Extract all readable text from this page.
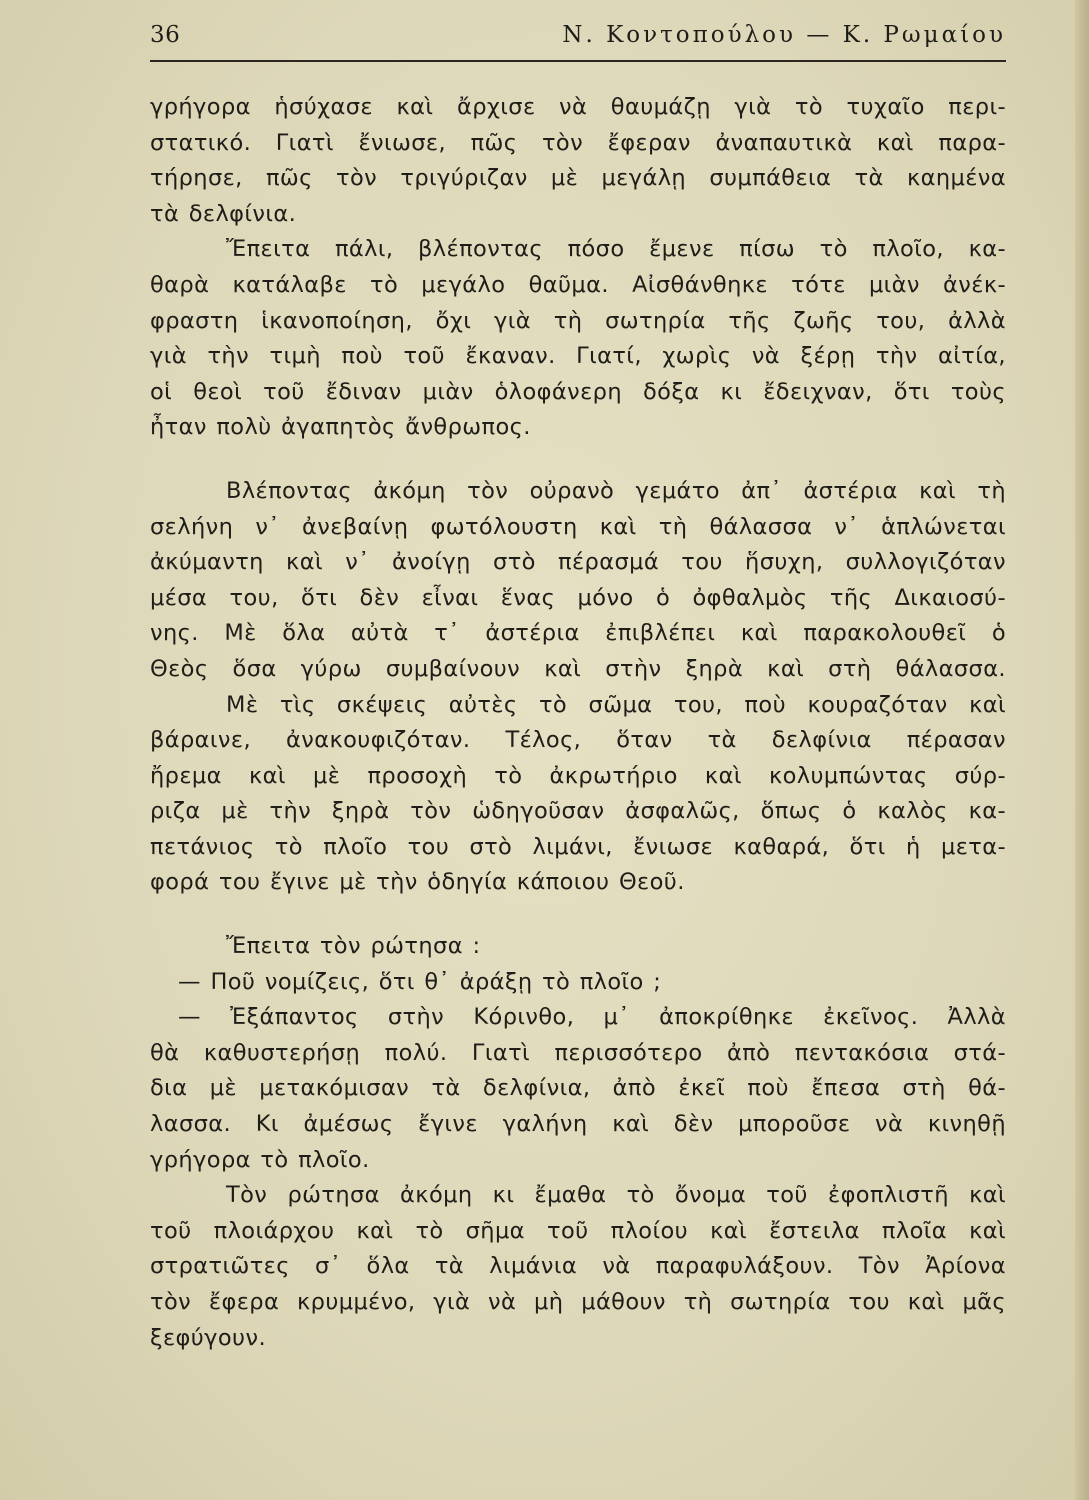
36	Ν. Κοντοπούλου — Κ. Ρωμαίου
γρήγορα ἡσύχασε καὶ ἄρχισε νὰ θαυμάζῃ γιὰ τὸ τυχαῖο περι-
στατικό. Γιατὶ ἔνιωσε, πῶς τὸν ἔφεραν ἀναπαυτικὰ καὶ παρα-
τήρησε, πῶς τὸν τριγύριζαν μὲ μεγάλῃ συμπάθεια τὰ καημένα
τὰ δελφίνια.
Ἔπειτα πάλι, βλέποντας πόσο ἔμενε πίσω τὸ πλοῖο, κα-
θαρὰ κατάλαβε τὸ μεγάλο θαῦμα. Αἰσθάνθηκε τότε μιὰν ἀνέκ-
φραστη ἱκανοποίηση, ὄχι γιὰ τὴ σωτηρία τῆς ζωῆς του, ἀλλὰ
γιὰ τὴν τιμὴ ποὺ τοῦ ἔκαναν. Γιατί, χωρὶς νὰ ξέρῃ τὴν αἰτία,
οἱ θεοὶ τοῦ ἔδιναν μιὰν ὁλοφάνερη δόξα κι ἔδειχναν, ὅτι τοὺς
ἦταν πολὺ ἀγαπητὸς ἄνθρωπος.
Βλέποντας ἀκόμη τὸν οὐρανὸ γεμάτο ἀπ᾿ ἀστέρια καὶ τὴ
σελήνη ν᾿ ἀνεβαίνῃ φωτόλουστη καὶ τὴ θάλασσα ν᾿ ἁπλώνεται
ἀκύμαντη καὶ ν᾿ ἀνοίγῃ στὸ πέρασμά του ἥσυχη, συλλογιζόταν
μέσα του, ὅτι δὲν εἶναι ἕνας μόνο ὁ ὀφθαλμὸς τῆς Δικαιοσύ-
νης. Μὲ ὅλα αὐτὰ τ᾿ ἀστέρια ἐπιβλέπει καὶ παρακολουθεῖ ὁ
Θεὸς ὅσα γύρω συμβαίνουν καὶ στὴν ξηρὰ καὶ στὴ θάλασσα.
Μὲ τὶς σκέψεις αὐτὲς τὸ σῶμα του, ποὺ κουραζόταν καὶ
βάραινε, ἀνακουφιζόταν. Τέλος, ὅταν τὰ δελφίνια πέρασαν
ἤρεμα καὶ μὲ προσοχὴ τὸ ἀκρωτήριο καὶ κολυμπώντας σύρ-
ριζα μὲ τὴν ξηρὰ τὸν ὡδηγοῦσαν ἀσφαλῶς, ὅπως ὁ καλὸς κα-
πετάνιος τὸ πλοῖο του στὸ λιμάνι, ἔνιωσε καθαρά, ὅτι ἡ μετα-
φορά του ἔγινε μὲ τὴν ὁδηγία κάποιου Θεοῦ.
Ἔπειτα τὸν ρώτησα :
— Ποῦ νομίζεις, ὅτι θ᾿ ἀράξῃ τὸ πλοῖο ;
— Ἐξάπαντος στὴν Κόρινθο, μ᾿ ἀποκρίθηκε ἐκεῖνος. Ἀλλὰ
θὰ καθυστερήσῃ πολύ. Γιατὶ περισσότερο ἀπὸ πεντακόσια στά-
δια μὲ μετακόμισαν τὰ δελφίνια, ἀπὸ ἐκεῖ ποὺ ἔπεσα στὴ θά-
λασσα. Κι ἀμέσως ἔγινε γαλήνη καὶ δὲν μποροῦσε νὰ κινηθῇ
γρήγορα τὸ πλοῖο.
Τὸν ρώτησα ἀκόμη κι ἔμαθα τὸ ὄνομα τοῦ ἐφοπλιστῆ καὶ
τοῦ πλοιάρχου καὶ τὸ σῆμα τοῦ πλοίου καὶ ἔστειλα πλοῖα καὶ
στρατιῶτες σ᾿ ὅλα τὰ λιμάνια νὰ παραφυλάξουν. Τὸν Ἀρίονα
τὸν ἔφερα κρυμμένο, γιὰ νὰ μὴ μάθουν τὴ σωτηρία του καὶ μᾶς
ξεφύγουν.
